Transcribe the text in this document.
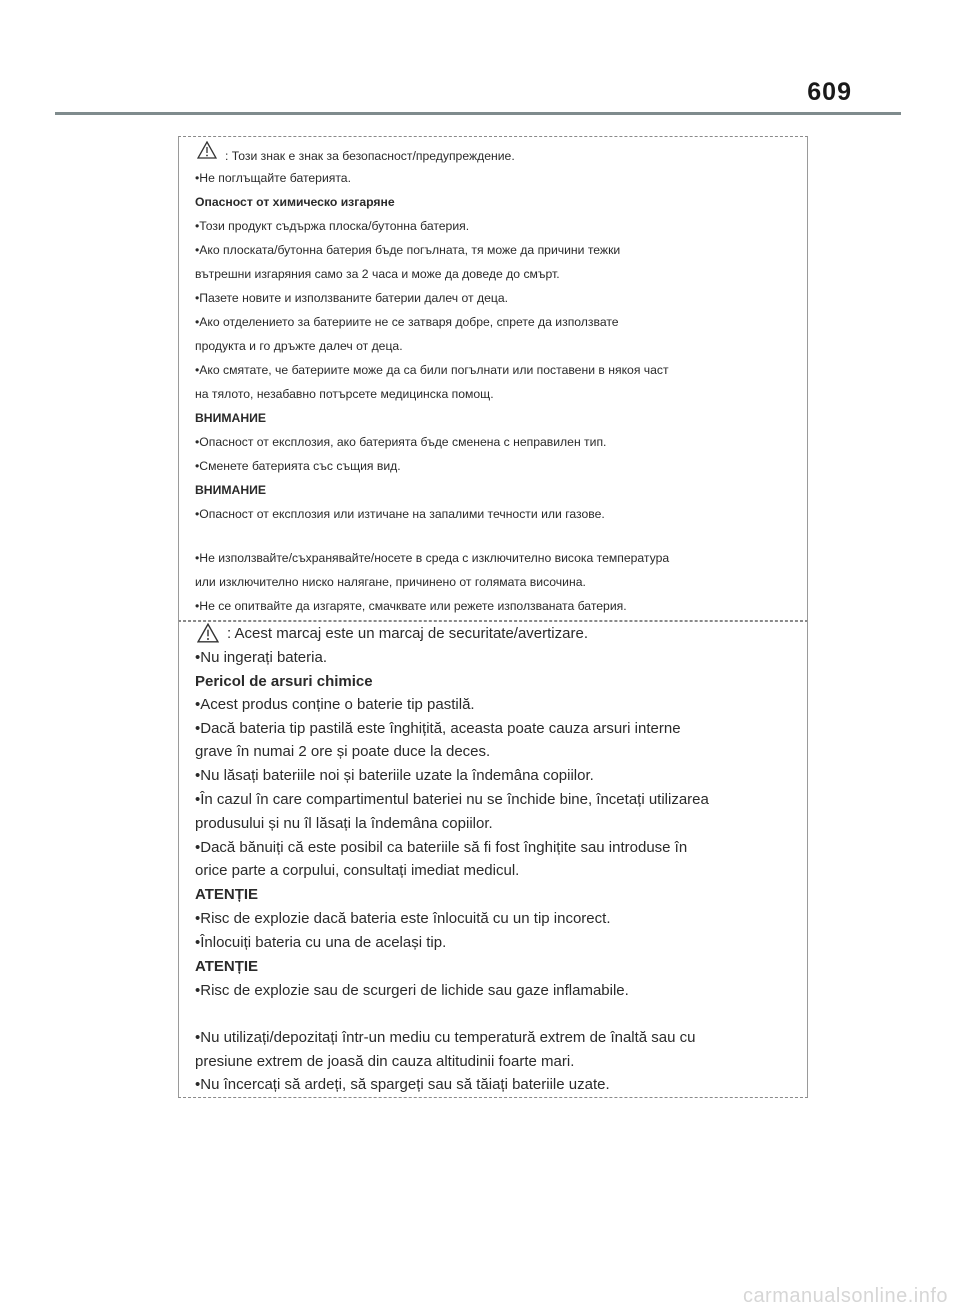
609
: Този знак е знак за безопасност/предупреждение.
•Не поглъщайте батерията.
Опасност от химическо изгаряне
•Този продукт съдържа плоска/бутонна батерия.
•Ако плоската/бутонна батерия бъде погълната, тя може да причини тежки
вътрешни изгаряния само за 2 часа и може да доведе до смърт.
•Пазете новите и използваните батерии далеч от деца.
•Ако отделението за батериите не се затваря добре, спрете да използвате
продукта и го дръжте далеч от деца.
•Ако смятате, че батериите може да са били погълнати или поставени в някоя част
на тялото, незабавно потърсете медицинска помощ.
ВНИМАНИЕ
•Опасност от експлозия, ако батерията бъде сменена с неправилен тип.
•Сменете батерията със същия вид.
ВНИМАНИЕ
•Опасност от експлозия или изтичане на запалими течности или газове.
•Не използвайте/съхранявайте/носете в среда с изключително висока температура
или изключително ниско налягане, причинено от голямата височина.
•Не се опитвайте да изгаряте, смачквате или режете използваната батерия.
: Acest marcaj este un marcaj de securitate/avertizare.
•Nu ingerați bateria.
Pericol de arsuri chimice
•Acest produs conține o baterie tip pastilă.
•Dacă bateria tip pastilă este înghițită, aceasta poate cauza arsuri interne
grave în numai 2 ore și poate duce la deces.
•Nu lăsați bateriile noi și bateriile uzate la îndemâna copiilor.
•În cazul în care compartimentul bateriei nu se închide bine, încetați utilizarea
produsului și nu îl lăsați la îndemâna copiilor.
•Dacă bănuiți că este posibil ca bateriile să fi fost înghițite sau introduse în
orice parte a corpului, consultați imediat medicul.
ATENȚIE
•Risc de explozie dacă bateria este înlocuită cu un tip incorect.
•Înlocuiți bateria cu una de același tip.
ATENȚIE
•Risc de explozie sau de scurgeri de lichide sau gaze inflamabile.
•Nu utilizați/depozitați într-un mediu cu temperatură extrem de înaltă sau cu
presiune extrem de joasă din cauza altitudinii foarte mari.
•Nu încercați să ardeți, să spargeți sau să tăiați bateriile uzate.
carmanualsonline.info
